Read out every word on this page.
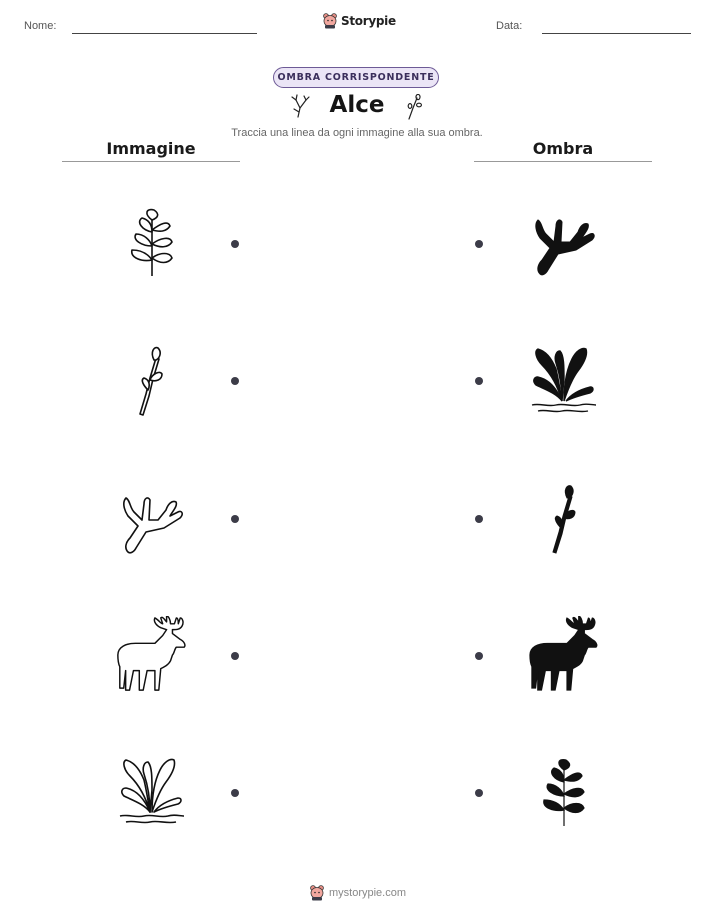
Nome:	Storypie	Data:
OMBRA CORRISPONDENTE
Alce
Traccia una linea da ogni immagine alla sua ombra.
Immagine	Ombra
mystorypie.com
